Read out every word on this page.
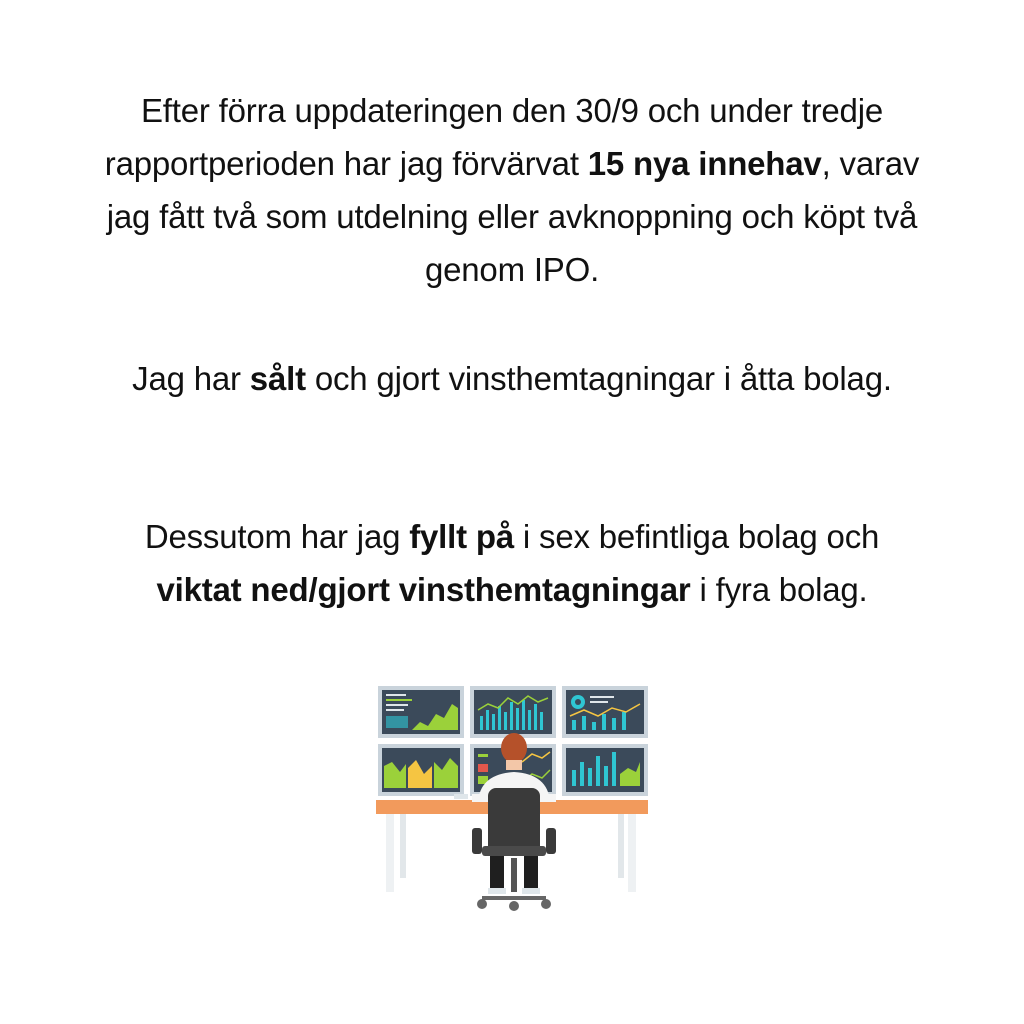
Efter förra uppdateringen den 30/9 och under tredje rapportperioden har jag förvärvat 15 nya innehav, varav jag fått två som utdelning eller avknoppning och köpt två genom IPO.
Jag har sålt och gjort vinsthemtagningar i åtta bolag.
Dessutom har jag fyllt på i sex befintliga bolag och viktat ned/gjort vinsthemtagningar i fyra bolag.
